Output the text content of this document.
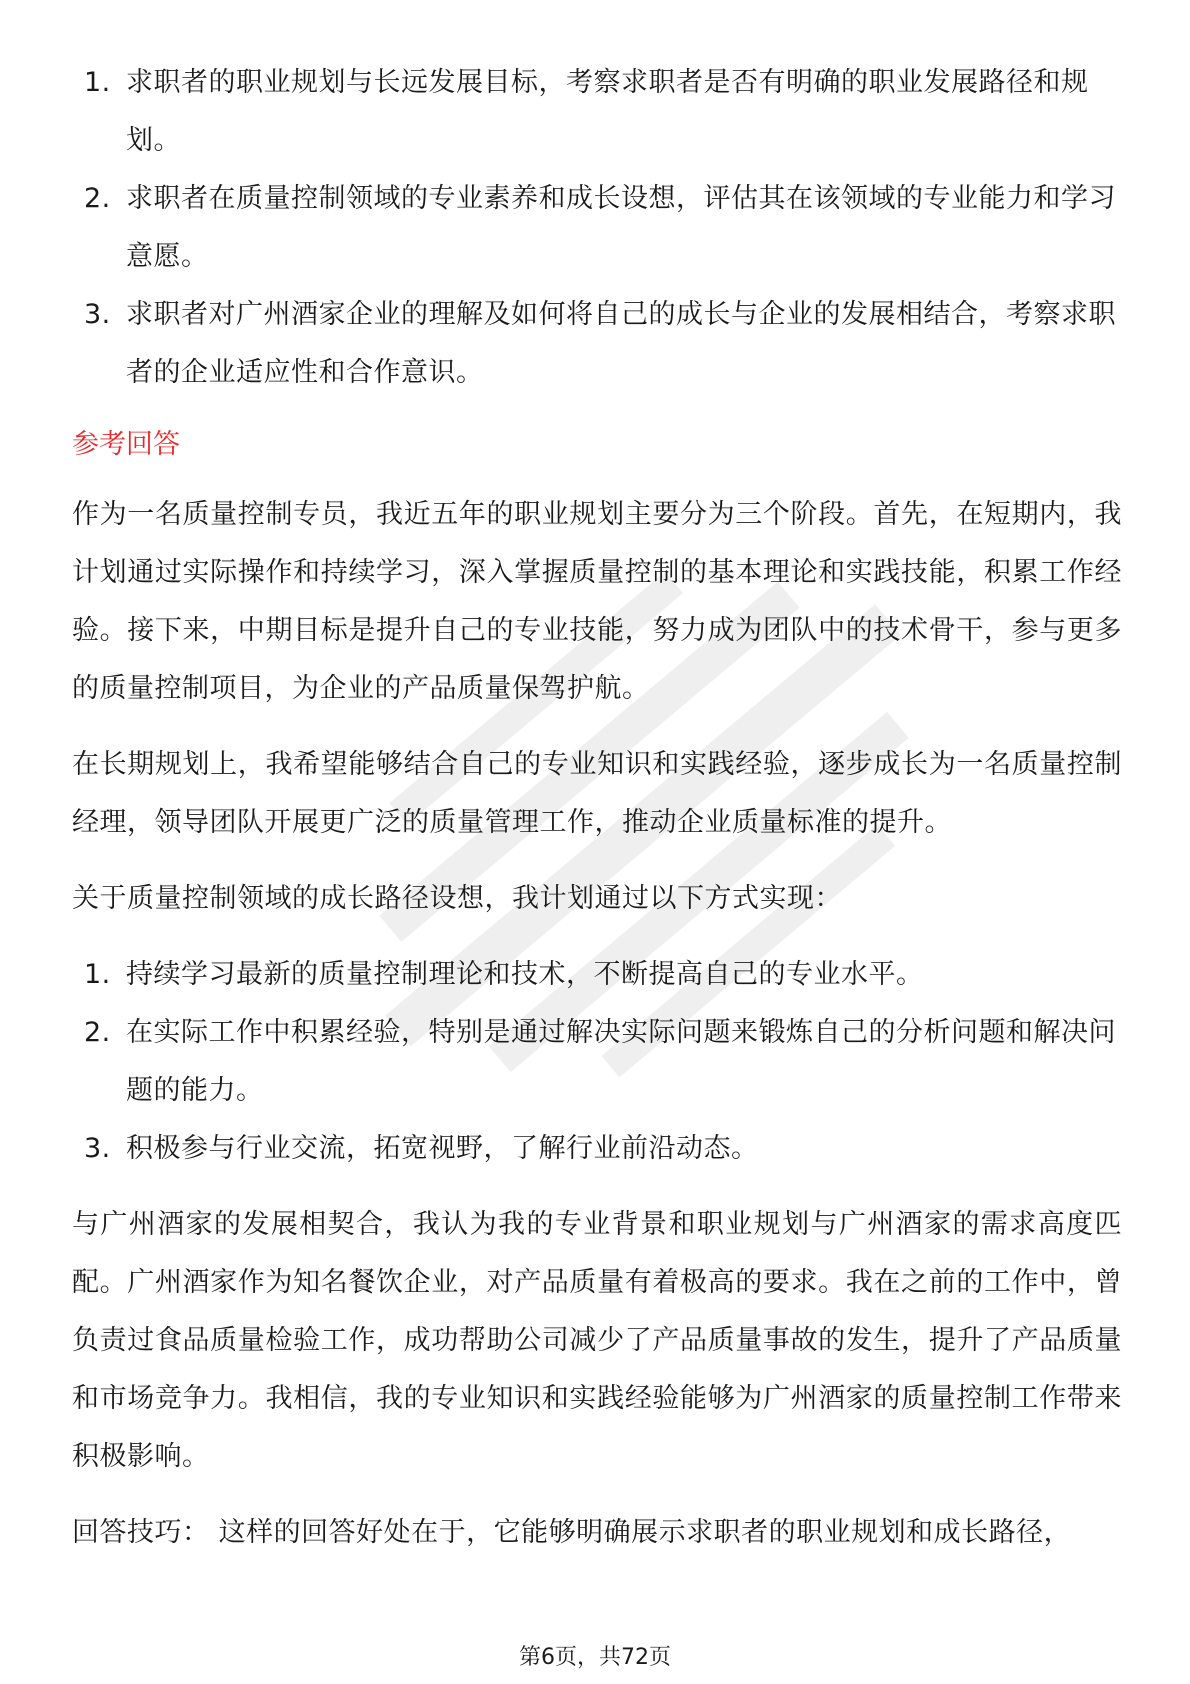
1. 求职者的职业规划与长远发展目标，考察求职者是否有明确的职业发展路径和规划。
2. 求职者在质量控制领域的专业素养和成长设想，评估其在该领域的专业能力和学习意愿。
3. 求职者对广州酒家企业的理解及如何将自己的成长与企业的发展相结合，考察求职者的企业适应性和合作意识。
参考回答

作为一名质量控制专员，我近五年的职业规划主要分为三个阶段。首先，在短期内，我计划通过实际操作和持续学习，深入掌握质量控制的基本理论和实践技能，积累工作经验。接下来，中期目标是提升自己的专业技能，努力成为团队中的技术骨干，参与更多的质量控制项目，为企业的产品质量保驾护航。

在长期规划上，我希望能够结合自己的专业知识和实践经验，逐步成长为一名质量控制经理，领导团队开展更广泛的质量管理工作，推动企业质量标准的提升。

关于质量控制领域的成长路径设想，我计划通过以下方式实现：

1. 持续学习最新的质量控制理论和技术，不断提高自己的专业水平。
2. 在实际工作中积累经验，特别是通过解决实际问题来锻炼自己的分析问题和解决问题的能力。
3. 积极参与行业交流，拓宽视野，了解行业前沿动态。

与广州酒家的发展相契合，我认为我的专业背景和职业规划与广州酒家的需求高度匹配。广州酒家作为知名餐饮企业，对产品质量有着极高的要求。我在之前的工作中，曾负责过食品质量检验工作，成功帮助公司减少了产品质量事故的发生，提升了产品质量和市场竞争力。我相信，我的专业知识和实践经验能够为广州酒家的质量控制工作带来积极影响。

回答技巧： 这样的回答好处在于，它能够明确展示求职者的职业规划和成长路径，

第6页，共72页
